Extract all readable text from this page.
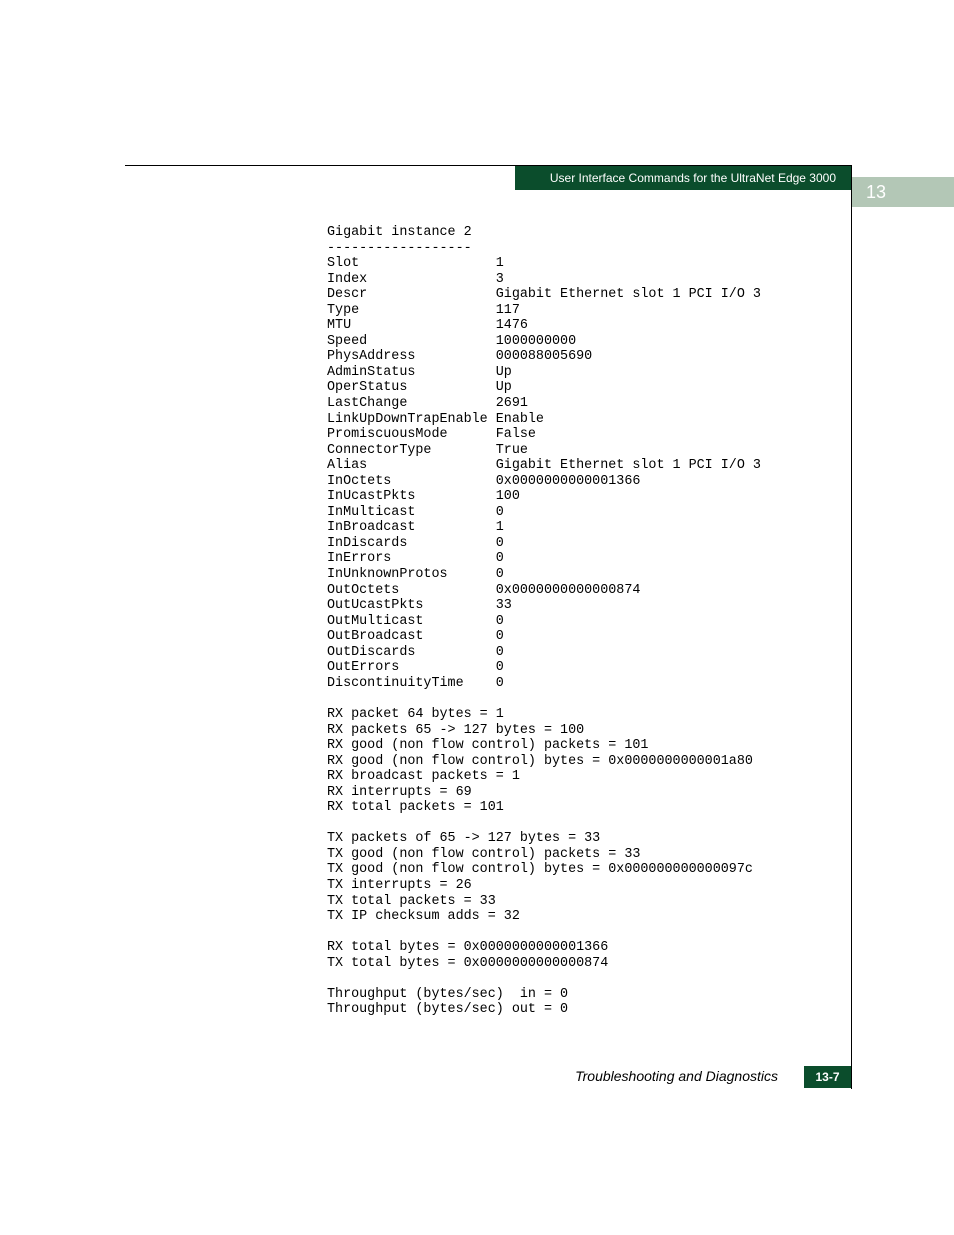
User Interface Commands for the UltraNet Edge 3000
13
Gigabit instance 2
------------------
Slot                 1
Index                3
Descr                Gigabit Ethernet slot 1 PCI I/O 3
Type                 117
MTU                  1476
Speed                1000000000
PhysAddress          000088005690
AdminStatus          Up
OperStatus           Up
LastChange           2691
LinkUpDownTrapEnable Enable
PromiscuousMode      False
ConnectorType        True
Alias                Gigabit Ethernet slot 1 PCI I/O 3
InOctets             0x0000000000001366
InUcastPkts          100
InMulticast          0
InBroadcast          1
InDiscards           0
InErrors             0
InUnknownProtos      0
OutOctets            0x0000000000000874
OutUcastPkts         33
OutMulticast         0
OutBroadcast         0
OutDiscards          0
OutErrors            0
DiscontinuityTime    0

RX packet 64 bytes = 1
RX packets 65 -> 127 bytes = 100
RX good (non flow control) packets = 101
RX good (non flow control) bytes = 0x0000000000001a80
RX broadcast packets = 1
RX interrupts = 69
RX total packets = 101

TX packets of 65 -> 127 bytes = 33
TX good (non flow control) packets = 33
TX good (non flow control) bytes = 0x000000000000097c
TX interrupts = 26
TX total packets = 33
TX IP checksum adds = 32

RX total bytes = 0x0000000000001366
TX total bytes = 0x0000000000000874

Throughput (bytes/sec)  in = 0
Throughput (bytes/sec) out = 0
Troubleshooting and Diagnostics	13-7
